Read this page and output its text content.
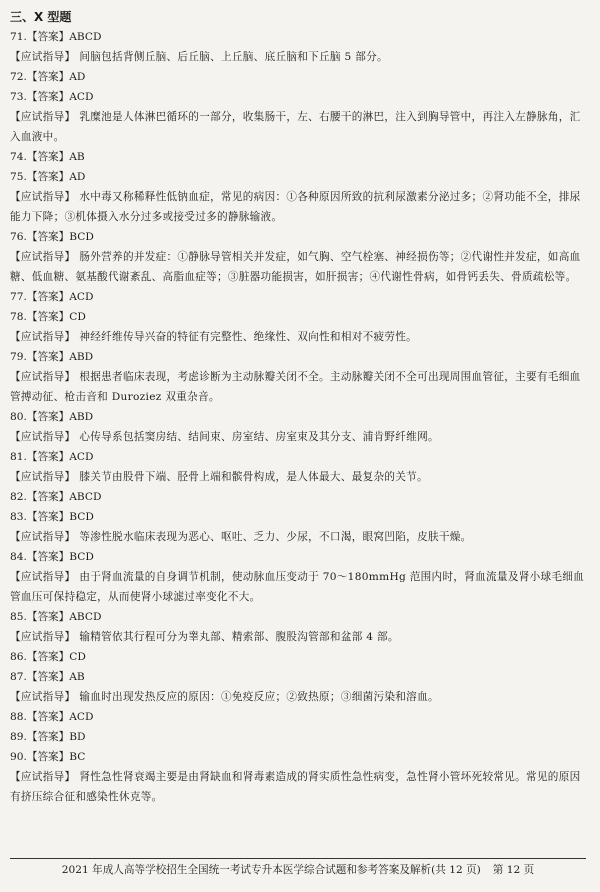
三、X 型题
71.【答案】ABCD
【应试指导】 间脑包括背侧丘脑、后丘脑、上丘脑、底丘脑和下丘脑 5 部分。
72.【答案】AD
73.【答案】ACD
【应试指导】 乳糜池是人体淋巴循环的一部分，收集肠干，左、右腰干的淋巴，注入到胸导管中，再注入左静脉角，汇入血液中。
74.【答案】AB
75.【答案】AD
【应试指导】 水中毒又称稀释性低钠血症，常见的病因：①各种原因所致的抗利尿激素分泌过多；②肾功能不全，排尿能力下降；③机体摄入水分过多或接受过多的静脉输液。
76.【答案】BCD
【应试指导】 肠外营养的并发症：①静脉导管相关并发症，如气胸、空气栓塞、神经损伤等；②代谢性并发症，如高血糖、低血糖、氨基酸代谢紊乱、高脂血症等；③脏器功能损害，如肝损害；④代谢性骨病，如骨钙丢失、骨质疏松等。
77.【答案】ACD
78.【答案】CD
【应试指导】 神经纤维传导兴奋的特征有完整性、绝缘性、双向性和相对不疲劳性。
79.【答案】ABD
【应试指导】 根据患者临床表现，考虑诊断为主动脉瓣关闭不全。主动脉瓣关闭不全可出现周围血管征，主要有毛细血管搏动征、枪击音和 Duroziez 双重杂音。
80.【答案】ABD
【应试指导】 心传导系包括窦房结、结间束、房室结、房室束及其分支、浦肯野纤维网。
81.【答案】ACD
【应试指导】 膝关节由股骨下端、胫骨上端和髌骨构成，是人体最大、最复杂的关节。
82.【答案】ABCD
83.【答案】BCD
【应试指导】 等渗性脱水临床表现为恶心、呕吐、乏力、少尿，不口渴，眼窝凹陷，皮肤干燥。
84.【答案】BCD
【应试指导】 由于肾血流量的自身调节机制，使动脉血压变动于 70～180mmHg 范围内时，肾血流量及肾小球毛细血管血压可保持稳定，从而使肾小球滤过率变化不大。
85.【答案】ABCD
【应试指导】 输精管依其行程可分为睾丸部、精索部、腹股沟管部和盆部 4 部。
86.【答案】CD
87.【答案】AB
【应试指导】 输血时出现发热反应的原因：①免疫反应；②致热原；③细菌污染和溶血。
88.【答案】ACD
89.【答案】BD
90.【答案】BC
【应试指导】 肾性急性肾衰竭主要是由肾缺血和肾毒素造成的肾实质性急性病变，急性肾小管坏死较常见。常见的原因有挤压综合征和感染性休克等。
2021 年成人高等学校招生全国统一考试专升本医学综合试题和参考答案及解析(共 12 页) 第 12 页
